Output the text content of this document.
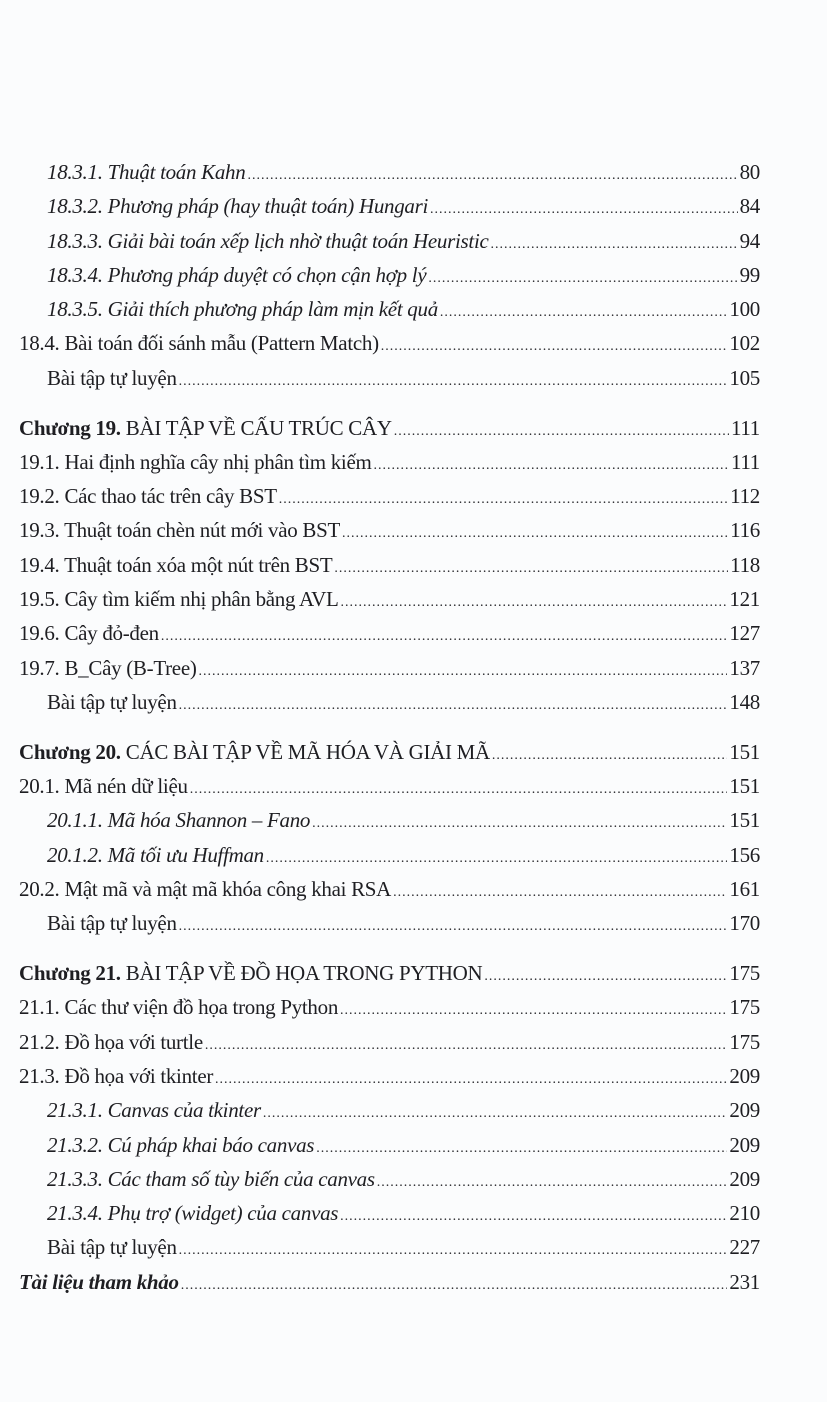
18.3.1. Thuật toán Kahn .....	80
18.3.2. Phương pháp (hay thuật toán) Hungari .....	84
18.3.3. Giải bài toán xếp lịch nhờ thuật toán Heuristic .....	94
18.3.4. Phương pháp duyệt có chọn cận hợp lý .....	99
18.3.5. Giải thích phương pháp làm mịn kết quả .....	100
18.4. Bài toán đối sánh mẫu (Pattern Match) .....	102
Bài tập tự luyện .....	105
Chương 19. BÀI TẬP VỀ CẤU TRÚC CÂY .....	111
19.1. Hai định nghĩa cây nhị phân tìm kiếm .....	111
19.2. Các thao tác trên cây BST .....	112
19.3. Thuật toán chèn nút mới vào BST .....	116
19.4. Thuật toán xóa một nút trên BST .....	118
19.5. Cây tìm kiếm nhị phân bằng AVL .....	121
19.6. Cây đỏ-đen .....	127
19.7. B_Cây (B-Tree) .....	137
Bài tập tự luyện .....	148
Chương 20. CÁC BÀI TẬP VỀ MÃ HÓA VÀ GIẢI MÃ .....	151
20.1. Mã nén dữ liệu .....	151
20.1.1. Mã hóa Shannon – Fano .....	151
20.1.2. Mã tối ưu Huffman .....	156
20.2. Mật mã và mật mã khóa công khai RSA .....	161
Bài tập tự luyện .....	170
Chương 21. BÀI TẬP VỀ ĐỒ HỌA TRONG PYTHON .....	175
21.1. Các thư viện đồ họa trong Python .....	175
21.2. Đồ họa với turtle .....	175
21.3. Đồ họa với tkinter .....	209
21.3.1. Canvas của tkinter .....	209
21.3.2. Cú pháp khai báo canvas .....	209
21.3.3. Các tham số tùy biến của canvas .....	209
21.3.4. Phụ trợ (widget) của canvas .....	210
Bài tập tự luyện .....	227
Tài liệu tham khảo .....	231
